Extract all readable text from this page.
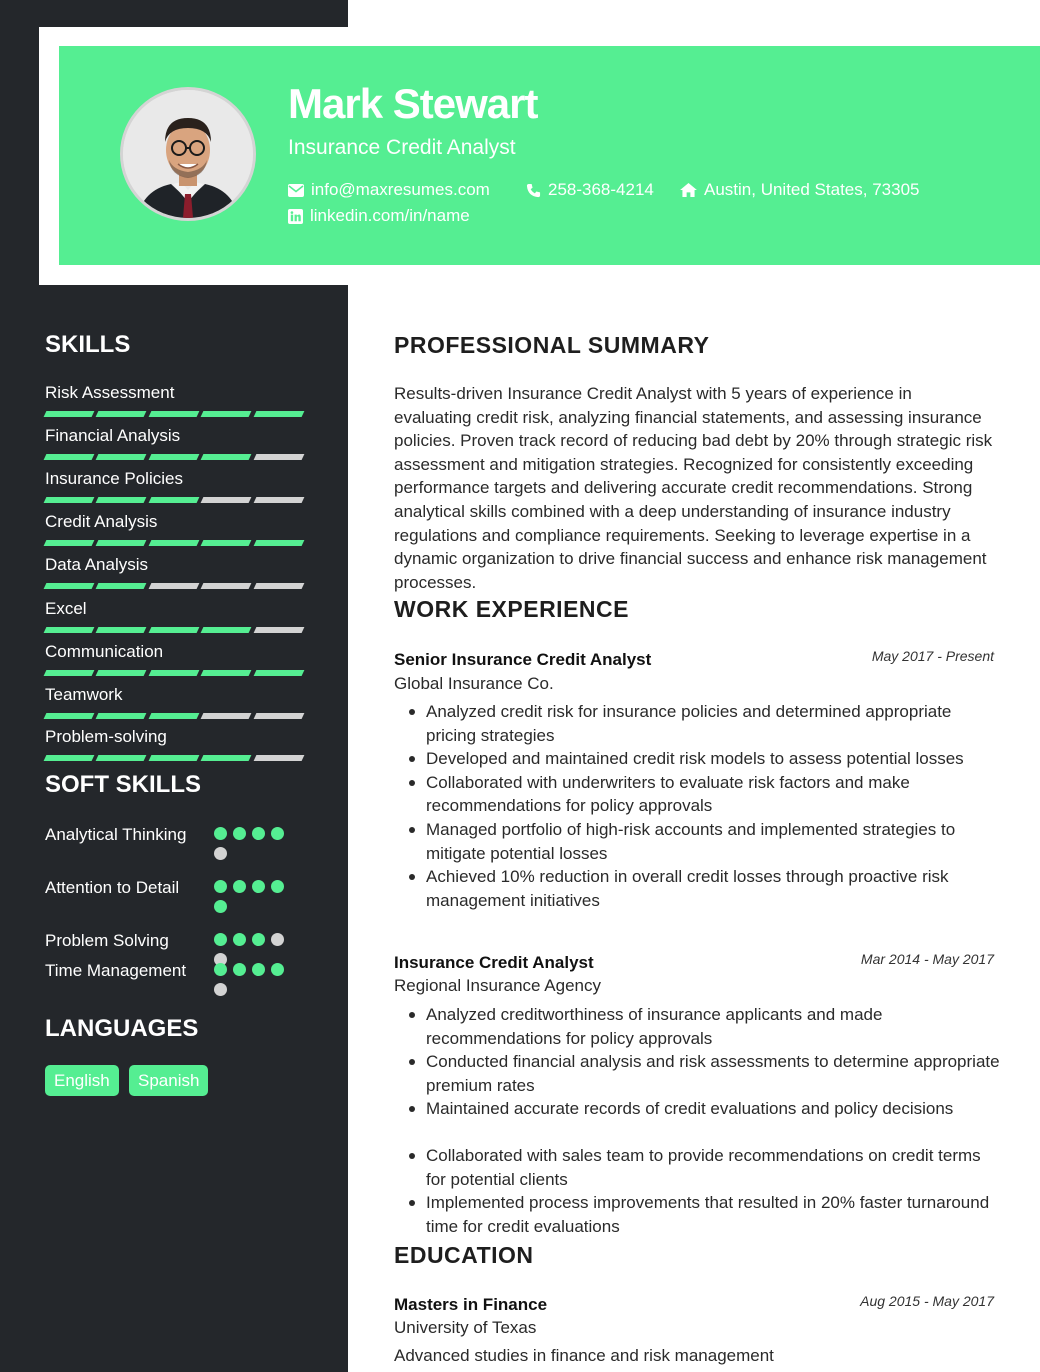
Mark Stewart
Insurance Credit Analyst
info@maxresumes.com	258-368-4214	Austin, United States, 73305
linkedin.com/in/name
SKILLS
Risk Assessment
Financial Analysis
Insurance Policies
Credit Analysis
Data Analysis
Excel
Communication
Teamwork
Problem-solving
SOFT SKILLS
Analytical Thinking
Attention to Detail
Problem Solving
Time Management
LANGUAGES
English	Spanish
PROFESSIONAL SUMMARY
Results-driven Insurance Credit Analyst with 5 years of experience in evaluating credit risk, analyzing financial statements, and assessing insurance policies. Proven track record of reducing bad debt by 20% through strategic risk assessment and mitigation strategies. Recognized for consistently exceeding performance targets and delivering accurate credit recommendations. Strong analytical skills combined with a deep understanding of insurance industry regulations and compliance requirements. Seeking to leverage expertise in a dynamic organization to drive financial success and enhance risk management processes.
WORK EXPERIENCE
Senior Insurance Credit Analyst	May 2017 - Present
Global Insurance Co.
Analyzed credit risk for insurance policies and determined appropriate pricing strategies
Developed and maintained credit risk models to assess potential losses
Collaborated with underwriters to evaluate risk factors and make recommendations for policy approvals
Managed portfolio of high-risk accounts and implemented strategies to mitigate potential losses
Achieved 10% reduction in overall credit losses through proactive risk management initiatives
Insurance Credit Analyst	Mar 2014 - May 2017
Regional Insurance Agency
Analyzed creditworthiness of insurance applicants and made recommendations for policy approvals
Conducted financial analysis and risk assessments to determine appropriate premium rates
Maintained accurate records of credit evaluations and policy decisions
Collaborated with sales team to provide recommendations on credit terms for potential clients
Implemented process improvements that resulted in 20% faster turnaround time for credit evaluations
EDUCATION
Masters in Finance	Aug 2015 - May 2017
University of Texas
Advanced studies in finance and risk management
